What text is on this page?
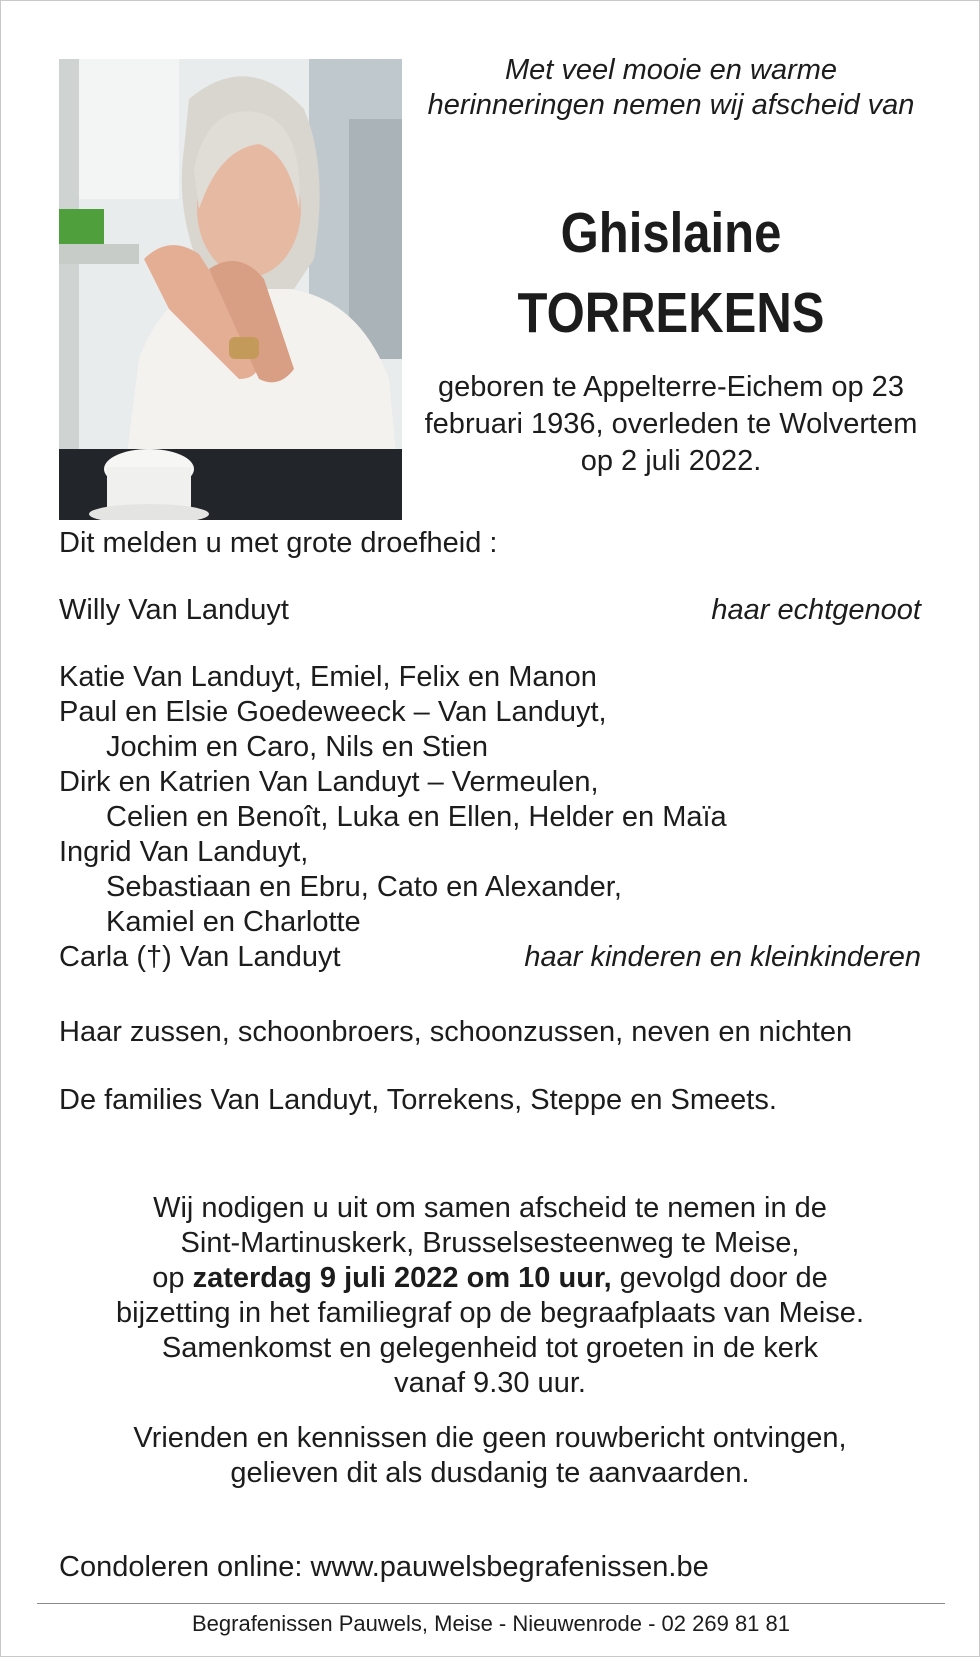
Met veel mooie en warme herinneringen nemen wij afscheid van
Ghislaine
TORREKENS
geboren te Appelterre-Eichem op 23 februari 1936, overleden te Wolvertem op 2 juli 2022.
Dit melden u met grote droefheid :
Willy Van Landuyt	haar echtgenoot
Katie Van Landuyt, Emiel, Felix en Manon
Paul en Elsie Goedeweeck – Van Landuyt,
Jochim en Caro, Nils en Stien
Dirk en Katrien Van Landuyt – Vermeulen,
Celien en Benoît, Luka en Ellen, Helder en Maïa
Ingrid Van Landuyt,
Sebastiaan en Ebru, Cato en Alexander,
Kamiel en Charlotte
Carla (†) Van Landuyt	haar kinderen en kleinkinderen
Haar zussen, schoonbroers, schoonzussen, neven en nichten
De families Van Landuyt, Torrekens, Steppe en Smeets.
Wij nodigen u uit om samen afscheid te nemen in de
Sint-Martinuskerk, Brusselsesteenweg te Meise,
op zaterdag 9 juli 2022 om 10 uur, gevolgd door de
bijzetting in het familiegraf op de begraafplaats van Meise.
Samenkomst en gelegenheid tot groeten in de kerk
vanaf 9.30 uur.
Vrienden en kennissen die geen rouwbericht ontvingen,
gelieven dit als dusdanig te aanvaarden.
Condoleren online: www.pauwelsbegrafenissen.be
Begrafenissen Pauwels, Meise - Nieuwenrode - 02 269 81 81
